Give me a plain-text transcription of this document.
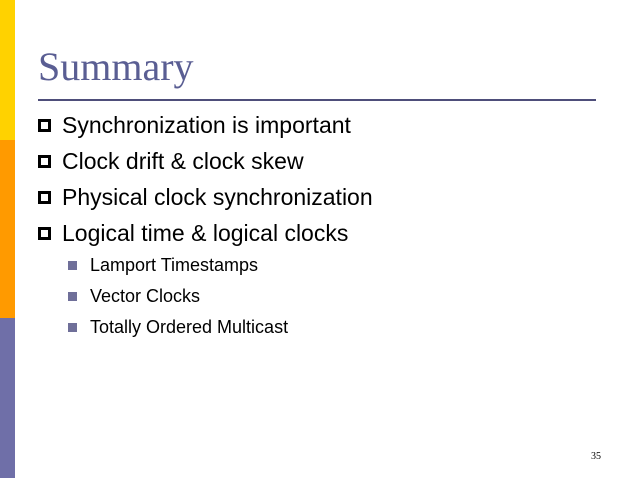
Summary
Synchronization is important
Clock drift & clock skew
Physical clock synchronization
Logical time & logical clocks
Lamport Timestamps
Vector Clocks
Totally Ordered Multicast
35
